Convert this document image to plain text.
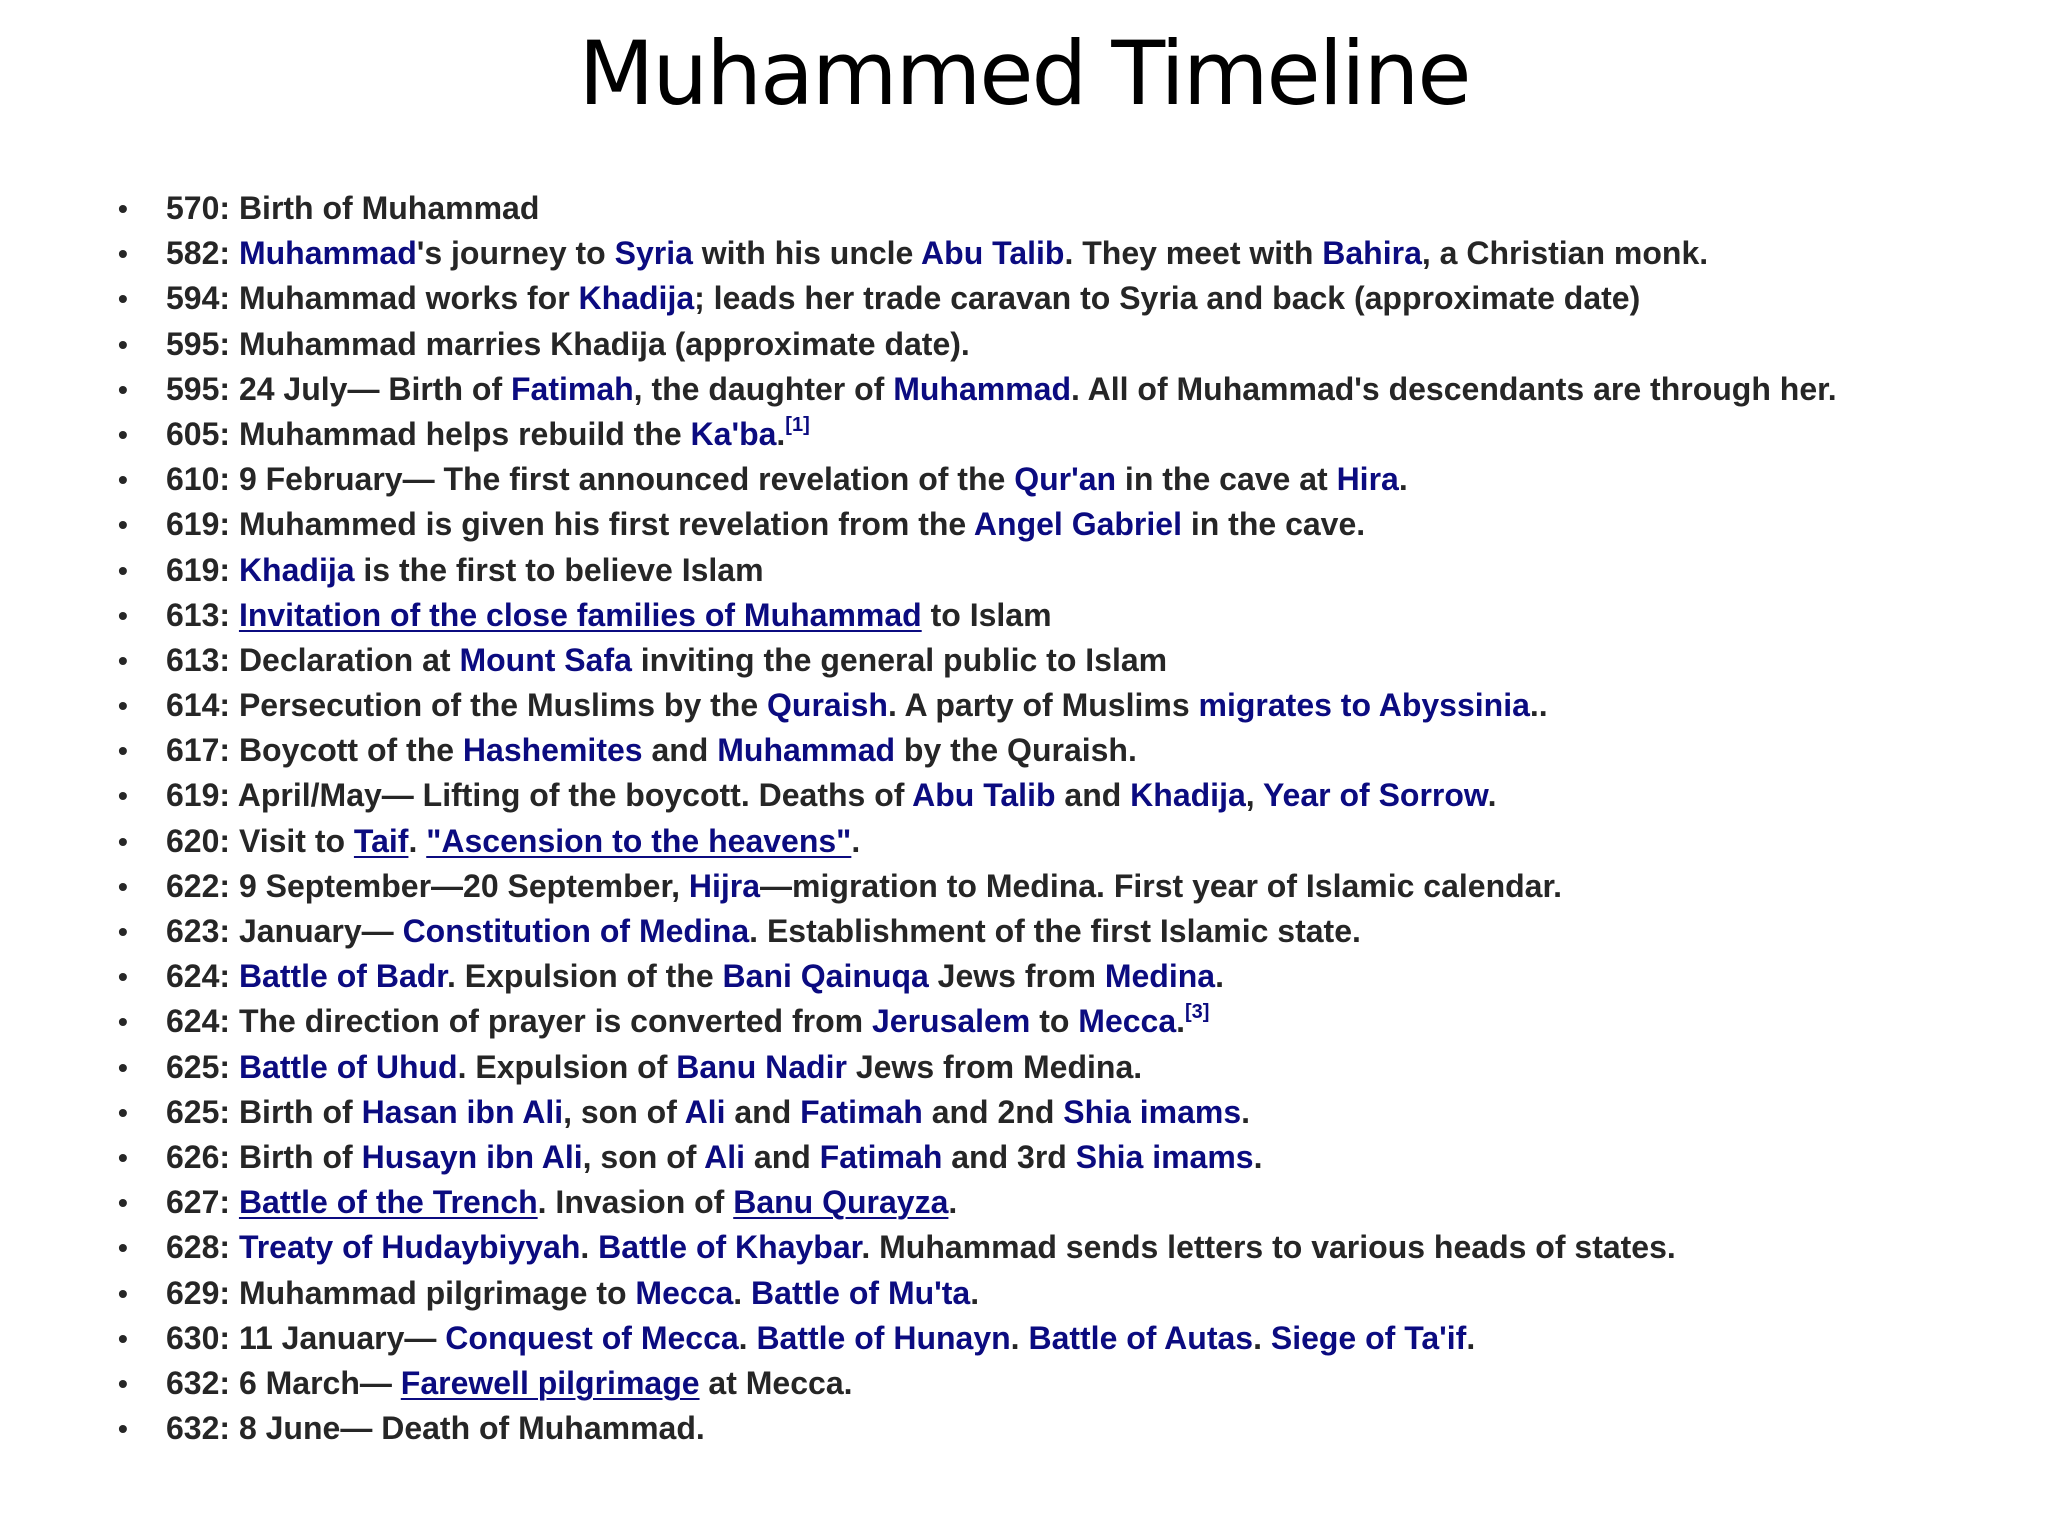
Muhammed Timeline
• 570: Birth of Muhammad
• 582: Muhammad's journey to Syria with his uncle Abu Talib. They meet with Bahira, a Christian monk.
• 594: Muhammad works for Khadija; leads her trade caravan to Syria and back (approximate date)
• 595: Muhammad marries Khadija (approximate date).
• 595: 24 July— Birth of Fatimah, the daughter of Muhammad. All of Muhammad's descendants are through her.
• 605: Muhammad helps rebuild the Ka'ba.[1]
• 610: 9 February— The first announced revelation of the Qur'an in the cave at Hira.
• 619: Muhammed is given his first revelation from the Angel Gabriel in the cave.
• 619: Khadija is the first to believe Islam
• 613: Invitation of the close families of Muhammad to Islam
• 613: Declaration at Mount Safa inviting the general public to Islam
• 614: Persecution of the Muslims by the Quraish. A party of Muslims migrates to Abyssinia..
• 617: Boycott of the Hashemites and Muhammad by the Quraish.
• 619: April/May— Lifting of the boycott. Deaths of Abu Talib and Khadija, Year of Sorrow.
• 620: Visit to Taif. "Ascension to the heavens".
• 622: 9 September—20 September, Hijra—migration to Medina. First year of Islamic calendar.
• 623: January— Constitution of Medina. Establishment of the first Islamic state.
• 624: Battle of Badr. Expulsion of the Bani Qainuqa Jews from Medina.
• 624: The direction of prayer is converted from Jerusalem to Mecca.[3]
• 625: Battle of Uhud. Expulsion of Banu Nadir Jews from Medina.
• 625: Birth of Hasan ibn Ali, son of Ali and Fatimah and 2nd Shia imams.
• 626: Birth of Husayn ibn Ali, son of Ali and Fatimah and 3rd Shia imams.
• 627: Battle of the Trench. Invasion of Banu Qurayza.
• 628: Treaty of Hudaybiyyah. Battle of Khaybar. Muhammad sends letters to various heads of states.
• 629: Muhammad pilgrimage to Mecca. Battle of Mu'ta.
• 630: 11 January— Conquest of Mecca. Battle of Hunayn. Battle of Autas. Siege of Ta'if.
• 632: 6 March— Farewell pilgrimage at Mecca.
• 632: 8 June— Death of Muhammad.
